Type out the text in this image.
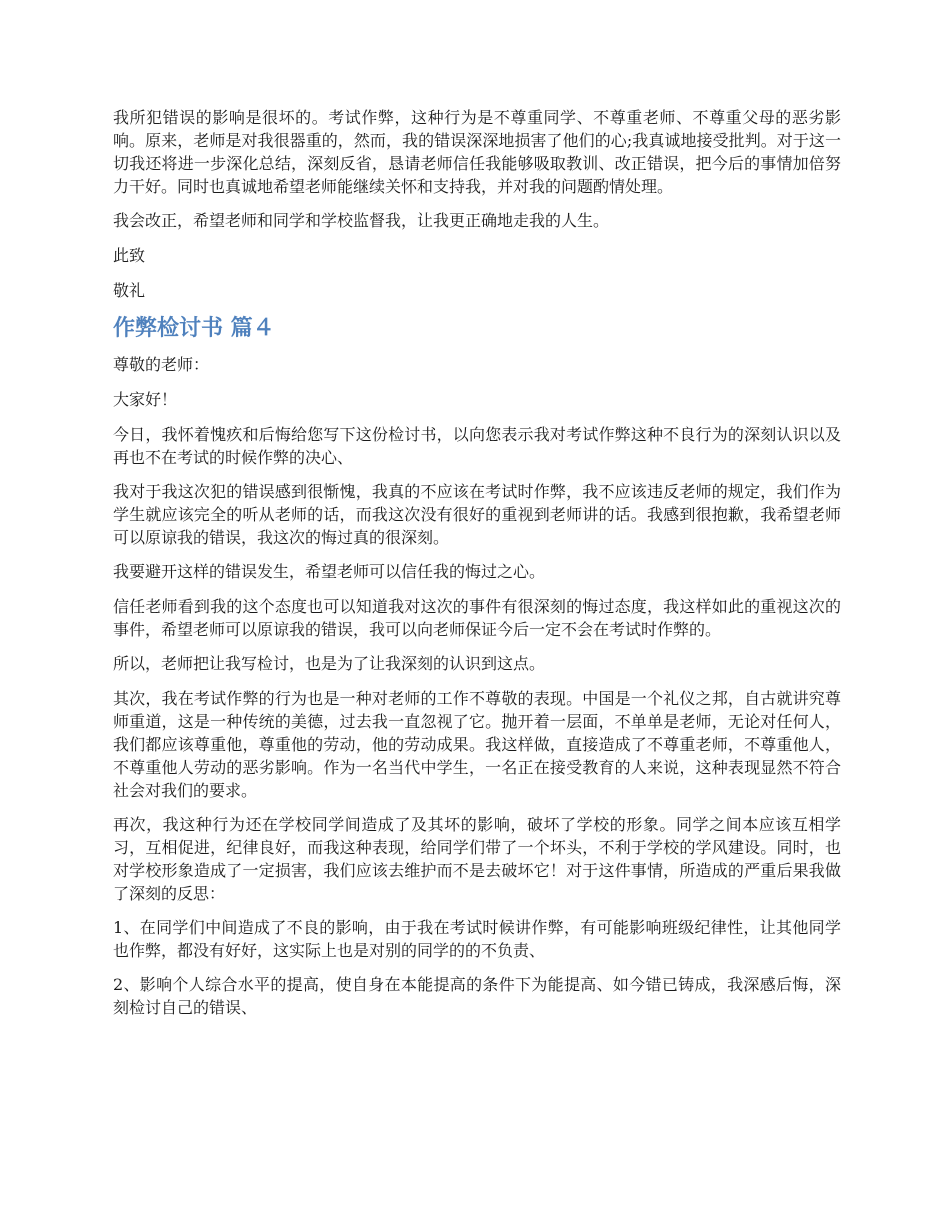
我所犯错误的影响是很坏的。考试作弊，这种行为是不尊重同学、不尊重老师、不尊重父母的恶劣影响。原来，老师是对我很器重的，然而，我的错误深深地损害了他们的心;我真诚地接受批判。对于这一切我还将进一步深化总结，深刻反省，恳请老师信任我能够吸取教训、改正错误，把今后的事情加倍努力干好。同时也真诚地希望老师能继续关怀和支持我，并对我的问题酌情处理。

我会改正，希望老师和同学和学校监督我，让我更正确地走我的人生。

此致

敬礼

作弊检讨书 篇４

尊敬的老师：

大家好！

今日，我怀着愧疚和后悔给您写下这份检讨书，以向您表示我对考试作弊这种不良行为的深刻认识以及再也不在考试的时候作弊的决心、

我对于我这次犯的错误感到很惭愧，我真的不应该在考试时作弊，我不应该违反老师的规定，我们作为学生就应该完全的听从老师的话，而我这次没有很好的重视到老师讲的话。我感到很抱歉，我希望老师可以原谅我的错误，我这次的悔过真的很深刻。

我要避开这样的错误发生，希望老师可以信任我的悔过之心。

信任老师看到我的这个态度也可以知道我对这次的事件有很深刻的悔过态度，我这样如此的重视这次的事件，希望老师可以原谅我的错误，我可以向老师保证今后一定不会在考试时作弊的。

所以，老师把让我写检讨，也是为了让我深刻的认识到这点。

其次，我在考试作弊的行为也是一种对老师的工作不尊敬的表现。中国是一个礼仪之邦，自古就讲究尊师重道，这是一种传统的美德，过去我一直忽视了它。抛开着一层面，不单单是老师，无论对任何人，我们都应该尊重他，尊重他的劳动，他的劳动成果。我这样做，直接造成了不尊重老师，不尊重他人，不尊重他人劳动的恶劣影响。作为一名当代中学生，一名正在接受教育的人来说，这种表现显然不符合社会对我们的要求。

再次，我这种行为还在学校同学间造成了及其坏的影响，破坏了学校的形象。同学之间本应该互相学习，互相促进，纪律良好，而我这种表现，给同学们带了一个坏头，不利于学校的学风建设。同时，也对学校形象造成了一定损害，我们应该去维护而不是去破坏它！对于这件事情，所造成的严重后果我做了深刻的反思：

1、在同学们中间造成了不良的影响，由于我在考试时候讲作弊，有可能影响班级纪律性，让其他同学也作弊，都没有好好，这实际上也是对别的同学的的不负责、

2、影响个人综合水平的提高，使自身在本能提高的条件下为能提高、如今错已铸成，我深感后悔，深刻检讨自己的错误、
